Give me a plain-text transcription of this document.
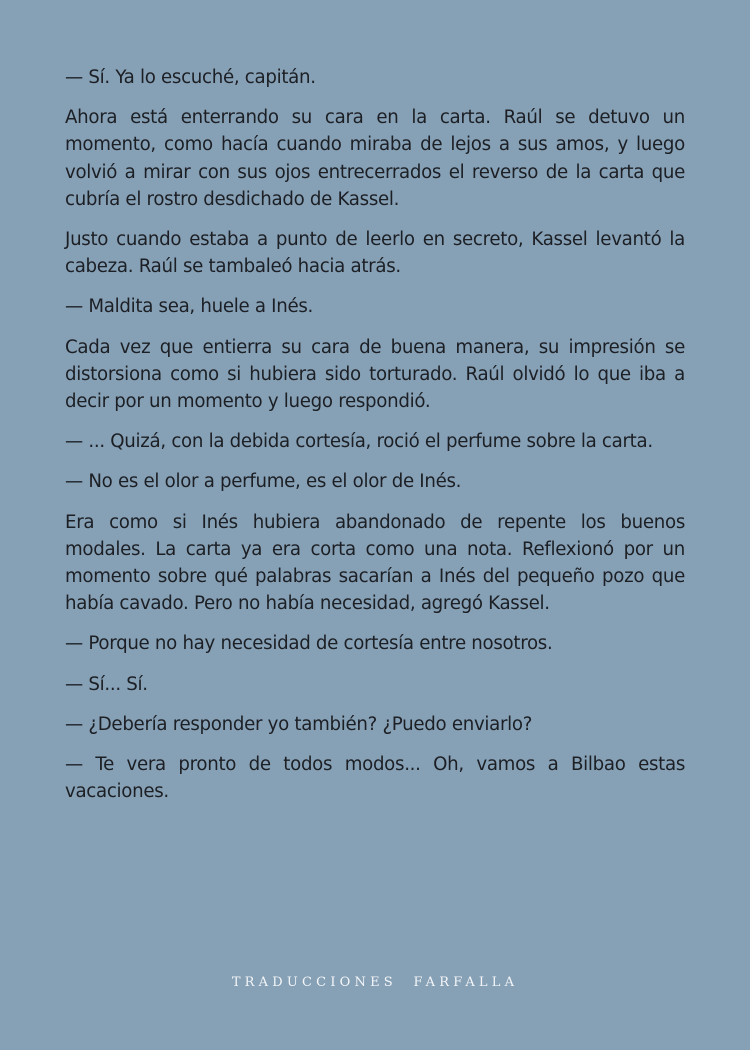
— Sí. Ya lo escuché, capitán.

Ahora está enterrando su cara en la carta. Raúl se detuvo un momento, como hacía cuando miraba de lejos a sus amos, y luego volvió a mirar con sus ojos entrecerrados el reverso de la carta que cubría el rostro desdichado de Kassel.

Justo cuando estaba a punto de leerlo en secreto, Kassel levantó la cabeza. Raúl se tambaleó hacia atrás.

— Maldita sea, huele a Inés.

Cada vez que entierra su cara de buena manera, su impresión se distorsiona como si hubiera sido torturado. Raúl olvidó lo que iba a decir por un momento y luego respondió.

— ... Quizá, con la debida cortesía, roció el perfume sobre la carta.

— No es el olor a perfume, es el olor de Inés.

Era como si Inés hubiera abandonado de repente los buenos modales. La carta ya era corta como una nota. Reflexionó por un momento sobre qué palabras sacarían a Inés del pequeño pozo que había cavado. Pero no había necesidad, agregó Kassel.

— Porque no hay necesidad de cortesía entre nosotros.

— Sí... Sí.

— ¿Debería responder yo también? ¿Puedo enviarlo?

— Te vera pronto de todos modos... Oh, vamos a Bilbao estas vacaciones.

TRADUCCIONES  FARFALLA
